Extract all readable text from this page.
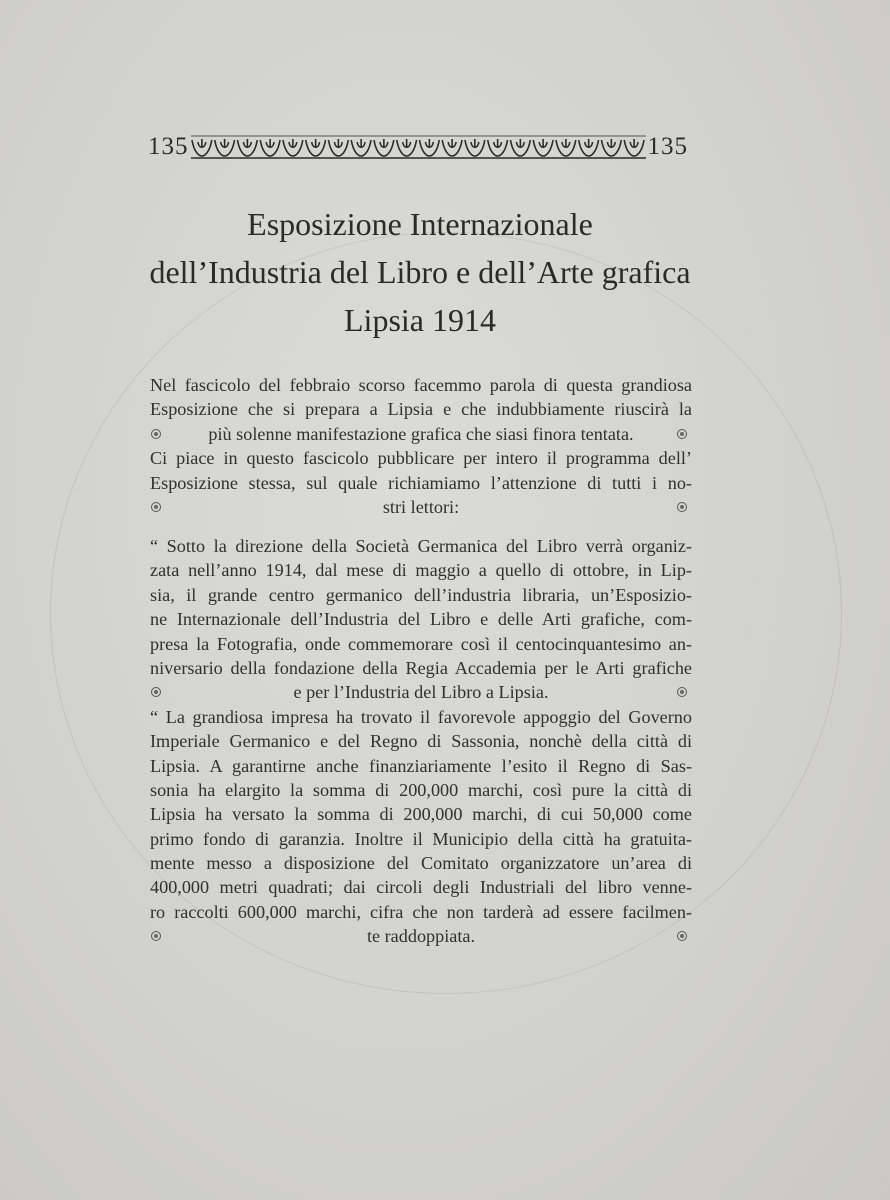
135	135
Esposizione Internazionale
dell’Industria del Libro e dell’Arte grafica
Lipsia 1914
Nel fascicolo del febbraio scorso facemmo parola di questa grandiosa
Esposizione che si prepara a Lipsia e che indubbiamente riuscirà la
più solenne manifestazione grafica che siasi finora tentata.
Ci piace in questo fascicolo pubblicare per intero il programma dell’
Esposizione stessa, sul quale richiamiamo l’attenzione di tutti i no-
stri lettori:
“ Sotto la direzione della Società Germanica del Libro verrà organiz-
zata nell’anno 1914, dal mese di maggio a quello di ottobre, in Lip-
sia, il grande centro germanico dell’industria libraria, un’Esposizio-
ne Internazionale dell’Industria del Libro e delle Arti grafiche, com-
presa la Fotografia, onde commemorare così il centocinquantesimo an-
niversario della fondazione della Regia Accademia per le Arti grafiche
e per l’Industria del Libro a Lipsia.
“ La grandiosa impresa ha trovato il favorevole appoggio del Governo
Imperiale Germanico e del Regno di Sassonia, nonchè della città di
Lipsia. A garantirne anche finanziariamente l’esito il Regno di Sas-
sonia ha elargito la somma di 200,000 marchi, così pure la città di
Lipsia ha versato la somma di 200,000 marchi, di cui 50,000 come
primo fondo di garanzia. Inoltre il Municipio della città ha gratuita-
mente messo a disposizione del Comitato organizzatore un’area di
400,000 metri quadrati; dai circoli degli Industriali del libro venne-
ro raccolti 600,000 marchi, cifra che non tarderà ad essere facilmen-
te raddoppiata.
